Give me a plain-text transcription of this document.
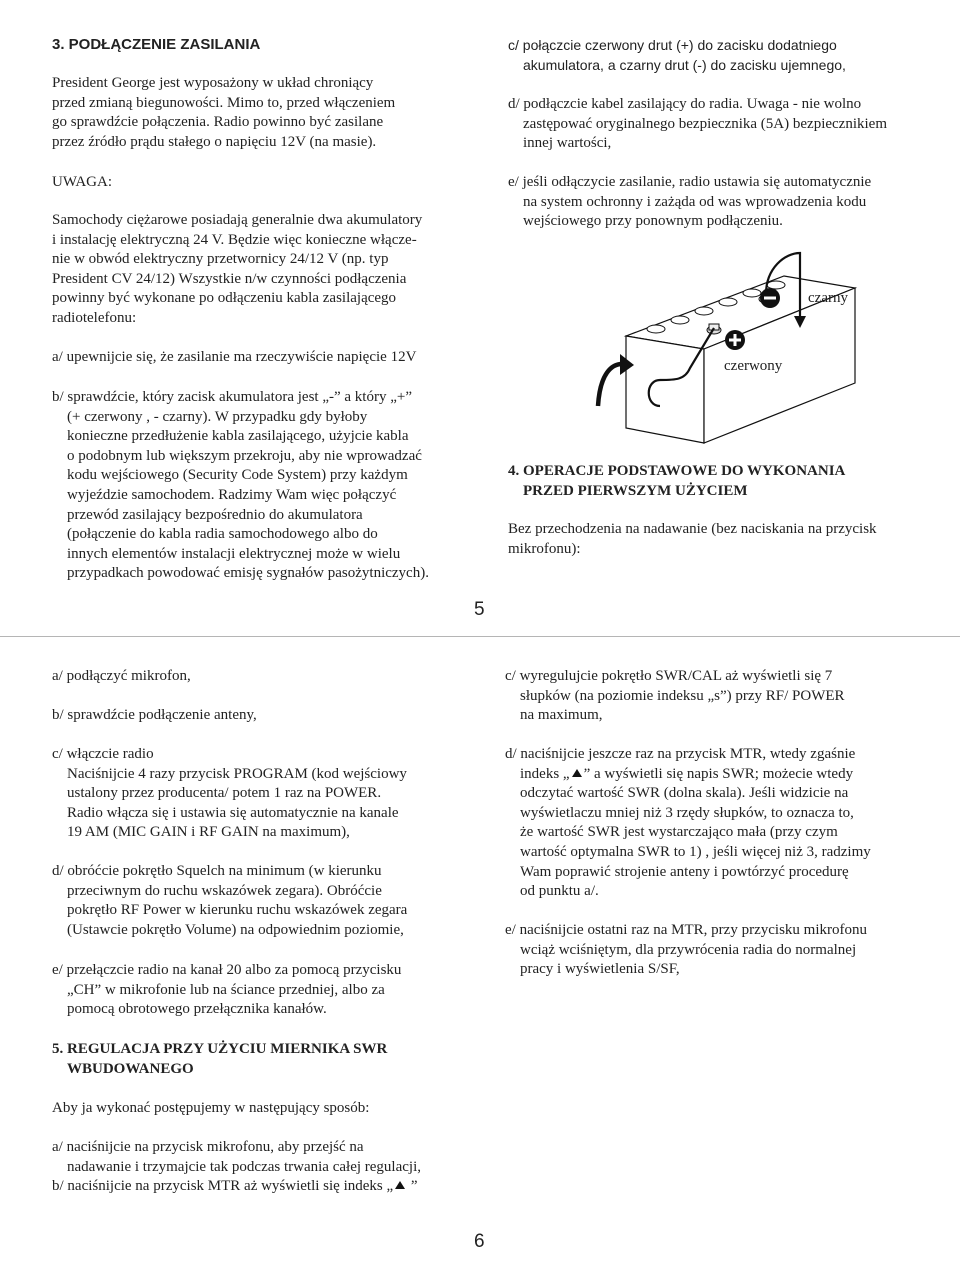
3. PODŁĄCZENIE ZASILANIA
President George jest wyposażony w układ chroniący
przed zmianą biegunowości. Mimo to, przed włączeniem
go sprawdźcie połączenia. Radio powinno być zasilane
przez źródło prądu stałego o napięciu 12V (na masie).
UWAGA:
Samochody ciężarowe posiadają generalnie dwa akumulatory
i instalację elektryczną 24 V. Będzie więc konieczne włącze-
nie w obwód elektryczny przetwornicy 24/12 V (np. typ
President CV 24/12) Wszystkie n/w czynności podłączenia
powinny być wykonane po odłączeniu kabla zasilającego
radiotelefonu:
a/ upewnijcie się, że zasilanie ma rzeczywiście napięcie 12V
b/ sprawdźcie, który zacisk akumulatora jest „-” a który „+”
(+ czerwony , - czarny). W przypadku gdy byłoby
konieczne przedłużenie kabla zasilającego, użyjcie kabla
o podobnym lub większym przekroju, aby nie wprowadzać
kodu wejściowego (Security Code System) przy każdym
wyjeździe samochodem. Radzimy Wam więc połączyć
przewód zasilający bezpośrednio do akumulatora
(połączenie do kabla radia samochodowego albo do
innych elementów instalacji elektrycznej może w wielu
przypadkach powodować emisję sygnałów pasożytniczych).
c/ połączcie czerwony drut (+) do zacisku dodatniego
akumulatora, a czarny drut (-) do zacisku ujemnego,
d/ podłączcie kabel zasilający do radia. Uwaga - nie wolno
zastępować oryginalnego bezpiecznika (5A) bezpiecznikiem
innej wartości,
e/ jeśli odłączycie zasilanie, radio ustawia się automatycznie
na system ochronny i zażąda od was wprowadzenia kodu
wejściowego przy ponownym podłączeniu.
czarny
czerwony
4. OPERACJE PODSTAWOWE DO WYKONANIA
PRZED PIERWSZYM UŻYCIEM
Bez przechodzenia na nadawanie (bez naciskania na przycisk
mikrofonu):
5
a/ podłączyć mikrofon,
b/ sprawdźcie podłączenie anteny,
c/ włączcie radio
Naciśnijcie 4 razy przycisk PROGRAM (kod wejściowy
ustalony przez producenta/ potem 1 raz na POWER.
Radio włącza się i ustawia się automatycznie na kanale
19 AM (MIC GAIN i RF GAIN na maximum),
d/ obróćcie pokrętło Squelch na minimum (w kierunku
przeciwnym do ruchu wskazówek zegara). Obróćcie
pokrętło RF Power w kierunku ruchu wskazówek zegara
(Ustawcie pokrętło Volume) na odpowiednim poziomie,
e/ przełączcie radio na kanał 20 albo za pomocą przycisku
„CH” w mikrofonie lub na ściance przedniej, albo za
pomocą obrotowego przełącznika kanałów.
5. REGULACJA PRZY UŻYCIU MIERNIKA SWR
WBUDOWANEGO
Aby ja wykonać postępujemy w następujący sposób:
a/ naciśnijcie na przycisk mikrofonu, aby przejść na
nadawanie i trzymajcie tak podczas trwania całej regulacji,
b/ naciśnijcie na przycisk MTR aż wyświetli się indeks „ ”
6
c/ wyregulujcie pokrętło SWR/CAL aż wyświetli się 7
słupków (na poziomie indeksu „s”) przy RF/ POWER
na maximum,
d/ naciśnijcie jeszcze raz na przycisk MTR, wtedy zgaśnie
indeks „ ” a wyświetli się napis SWR; możecie wtedy
odczytać wartość SWR (dolna skala). Jeśli widzicie na
wyświetlaczu mniej niż 3 rzędy słupków, to oznacza to,
że wartość SWR jest wystarczająco mała (przy czym
wartość optymalna SWR to 1) , jeśli więcej niż 3, radzimy
Wam poprawić strojenie anteny i powtórzyć procedurę
od punktu a/.
e/ naciśnijcie ostatni raz na MTR, przy przycisku mikrofonu
wciąż wciśniętym, dla przywrócenia radia do normalnej
pracy i wyświetlenia S/SF,
